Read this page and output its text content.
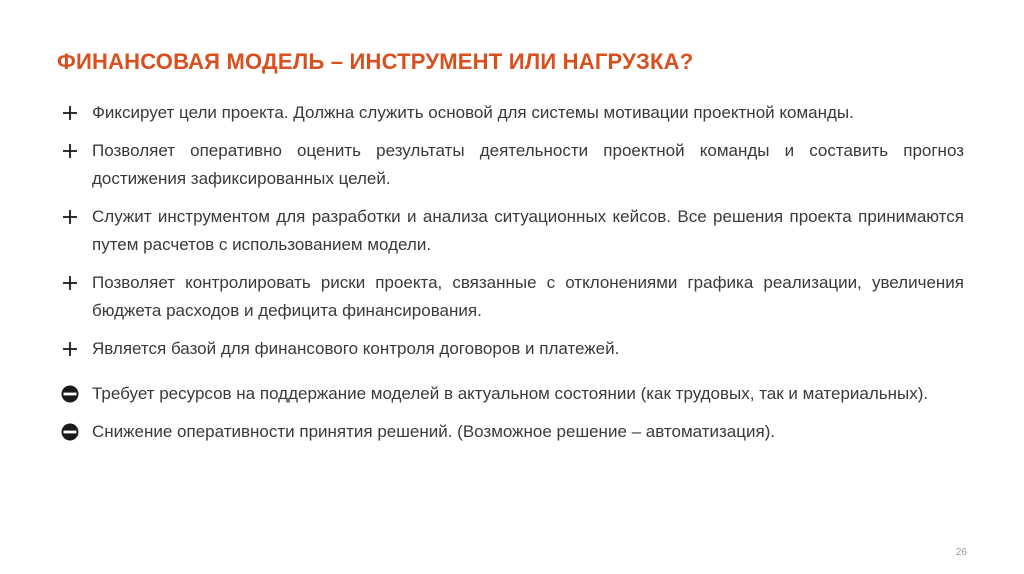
ФИНАНСОВАЯ МОДЕЛЬ – ИНСТРУМЕНТ ИЛИ НАГРУЗКА?
Фиксирует цели проекта. Должна служить основой для системы мотивации проектной команды.
Позволяет оперативно оценить результаты деятельности проектной команды и составить прогноз достижения зафиксированных целей.
Служит инструментом для разработки и анализа ситуационных кейсов. Все решения проекта принимаются путем расчетов с использованием модели.
Позволяет контролировать риски проекта, связанные с отклонениями графика реализации, увеличения бюджета расходов и дефицита финансирования.
Является базой для финансового контроля договоров и платежей.
Требует ресурсов на поддержание моделей в актуальном состоянии (как трудовых, так и материальных).
Снижение оперативности принятия решений. (Возможное решение – автоматизация).
26
